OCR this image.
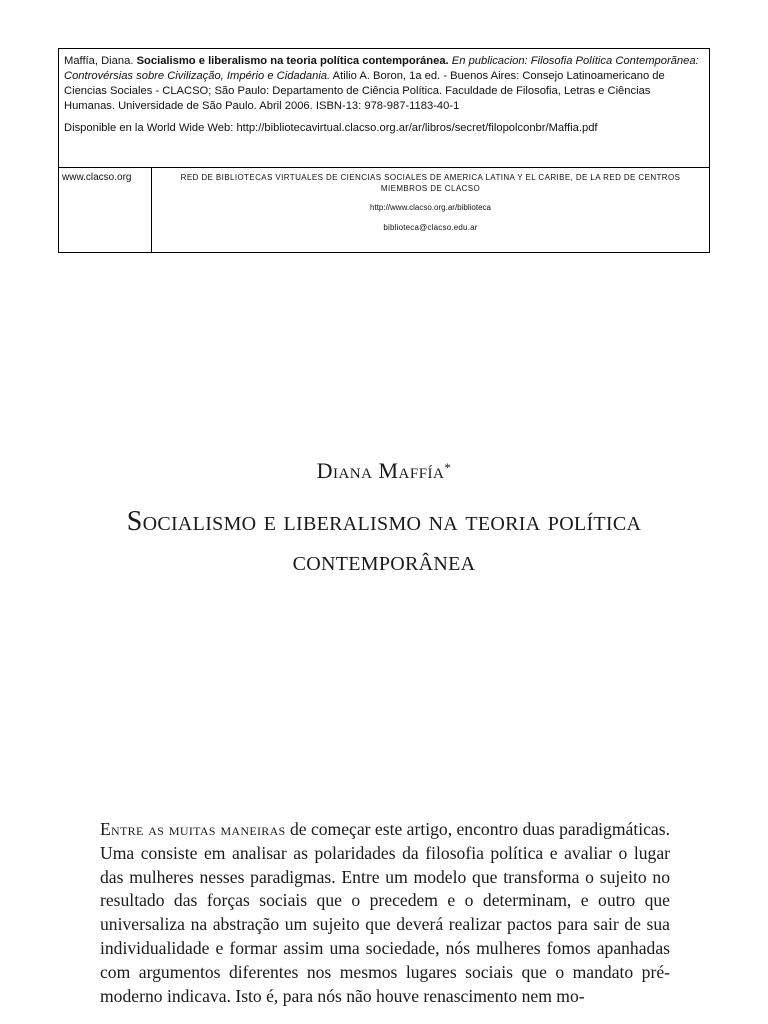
Maffía, Diana. Socialismo e liberalismo na teoria política contemporánea. En publicacion: Filosofia Política Contemporãnea: Controvérsias sobre Civilização, Império e Cidadania. Atilio A. Boron, 1a ed. - Buenos Aires: Consejo Latinoamericano de Ciencias Sociales - CLACSO; São Paulo: Departamento de Ciência Política. Faculdade de Filosofia, Letras e Ciências Humanas. Universidade de São Paulo. Abril 2006. ISBN-13: 978-987-1183-40-1

Disponible en la World Wide Web: http://bibliotecavirtual.clacso.org.ar/ar/libros/secret/filopolconbr/Maffia.pdf

www.clacso.org	RED DE BIBLIOTECAS VIRTUALES DE CIENCIAS SOCIALES DE AMERICA LATINA Y EL CARIBE, DE LA RED DE CENTROS MIEMBROS DE CLACSO
http://www.clacso.org.ar/biblioteca
biblioteca@clacso.edu.ar
Diana Maffía*
Socialismo e liberalismo na teoria política contemporânea
Entre as muitas maneiras de começar este artigo, encontro duas paradigmáticas. Uma consiste em analisar as polaridades da filosofia política e avaliar o lugar das mulheres nesses paradigmas. Entre um modelo que transforma o sujeito no resultado das forças sociais que o precedem e o determinam, e outro que universaliza na abstração um sujeito que deverá realizar pactos para sair de sua individualidade e formar assim uma sociedade, nós mulheres fomos apanhadas com argumentos diferentes nos mesmos lugares sociais que o mandato pré-moderno indicava. Isto é, para nós não houve renascimento nem mo-
